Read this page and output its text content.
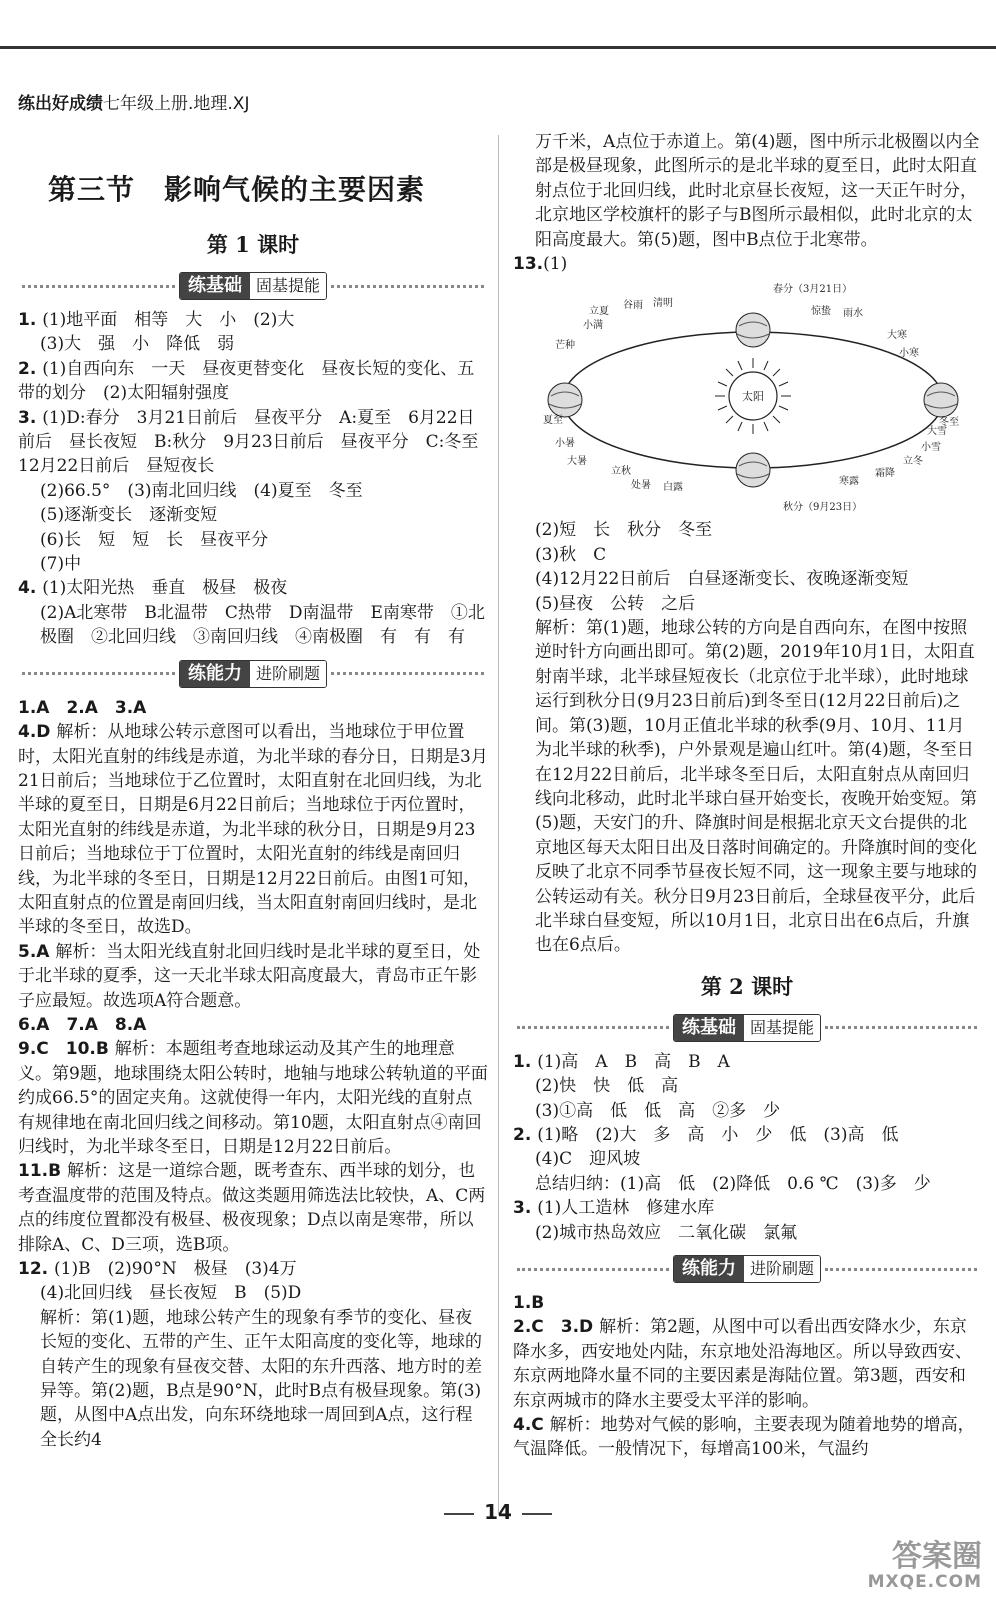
练出好成绩七年级上册.地理.XJ
第三节　影响气候的主要因素
第 1 课时
练基础 固基提能

1. (1)地平面　相等　大　小　(2)大

(3)大　强　小　降低　弱

2. (1)自西向东　一天　昼夜更替变化　昼夜长短的变化、五带的划分　(2)太阳辐射强度

3. (1)D:春分　3月21日前后　昼夜平分　A:夏至　6月22日前后　昼长夜短　B:秋分　9月23日前后　昼夜平分　C:冬至　12月22日前后　昼短夜长

(2)66.5°　(3)南北回归线　(4)夏至　冬至

(5)逐渐变长　逐渐变短

(6)长　短　短　长　昼夜平分

(7)中

4. (1)太阳光热　垂直　极昼　极夜

(2)A北寒带　B北温带　C热带　D南温带　E南寒带　①北极圈　②北回归线　③南回归线　④南极圈　有　有　有

练能力 进阶刷题

1.A　2.A　3.A

4.D 解析：从地球公转示意图可以看出，当地球位于甲位置时，太阳光直射的纬线是赤道，为北半球的春分日，日期是3月21日前后；当地球位于乙位置时，太阳直射在北回归线，为北半球的夏至日，日期是6月22日前后；当地球位于丙位置时，太阳光直射的纬线是赤道，为北半球的秋分日，日期是9月23日前后；当地球位于丁位置时，太阳光直射的纬线是南回归线，为北半球的冬至日，日期是12月22日前后。由图1可知，太阳直射点的位置是南回归线，当太阳直射南回归线时，是北半球的冬至日，故选D。

5.A 解析：当太阳光线直射北回归线时是北半球的夏至日，处于北半球的夏季，这一天北半球太阳高度最大，青岛市正午影子应最短。故选项A符合题意。

6.A　7.A　8.A

9.C　10.B 解析：本题组考查地球运动及其产生的地理意义。第9题，地球围绕太阳公转时，地轴与地球公转轨道的平面约成66.5°的固定夹角。这就使得一年内，太阳光线的直射点有规律地在南北回归线之间移动。第10题，太阳直射点④南回归线时，为北半球冬至日，日期是12月22日前后。

11.B 解析：这是一道综合题，既考查东、西半球的划分，也考查温度带的范围及特点。做这类题用筛选法比较快，A、C两点的纬度位置都没有极昼、极夜现象；D点以南是寒带，所以排除A、C、D三项，选B项。

12. (1)B　(2)90°N　极昼　(3)4万

(4)北回归线　昼长夜短　B　(5)D

解析：第(1)题，地球公转产生的现象有季节的变化、昼夜长短的变化、五带的产生、正午太阳高度的变化等，地球的自转产生的现象有昼夜交替、太阳的东升西落、地方时的差异等。第(2)题，B点是90°N，此时B点有极昼现象。第(3)题，从图中A点出发，向东环绕地球一周回到A点，这行程全长约4

万千米，A点位于赤道上。第(4)题，图中所示北极圈以内全部是极昼现象，此图所示的是北半球的夏至日，此时太阳直射点位于北回归线，此时北京昼长夜短，这一天正午时分，北京地区学校旗杆的影子与B图所示最相似，此时北京的太阳高度最大。第(5)题，图中B点位于北寒带。

13.(1)

太阳
春分（3月21日）
秋分（9月23日）
夏至	冬至
立夏
谷雨 清明
惊蛰 雨水
小满
芒种
大寒
小寒
小暑
大暑
立秋
处暑 白露
寒露
霜降
立冬
小雪
大雪

(2)短　长　秋分　冬至

(3)秋　C

(4)12月22日前后　白昼逐渐变长、夜晚逐渐变短

(5)昼夜　公转　之后

解析：第(1)题，地球公转的方向是自西向东，在图中按照逆时针方向画出即可。第(2)题，2019年10月1日，太阳直射南半球，北半球昼短夜长（北京位于北半球），此时地球运行到秋分日(9月23日前后)到冬至日(12月22日前后)之间。第(3)题，10月正值北半球的秋季(9月、10月、11月为北半球的秋季)，户外景观是遍山红叶。第(4)题，冬至日在12月22日前后，北半球冬至日后，太阳直射点从南回归线向北移动，此时北半球白昼开始变长，夜晚开始变短。第(5)题，天安门的升、降旗时间是根据北京天文台提供的北京地区每天太阳日出及日落时间确定的。升降旗时间的变化反映了北京不同季节昼夜长短不同，这一现象主要与地球的公转运动有关。秋分日9月23日前后，全球昼夜平分，此后北半球白昼变短，所以10月1日，北京日出在6点后，升旗也在6点后。

第 2 课时
练基础 固基提能

1. (1)高　A　B　高　B　A

(2)快　快　低　高

(3)①高　低　低　高　②多　少

2. (1)略　(2)大　多　高　小　少　低　(3)高　低

(4)C　迎风坡

总结归纳：(1)高　低　(2)降低　0.6 ℃　(3)多　少

3. (1)人工造林　修建水库

(2)城市热岛效应　二氧化碳　氯氟

练能力 进阶刷题

1.B

2.C　3.D 解析：第2题，从图中可以看出西安降水少，东京降水多，西安地处内陆，东京地处沿海地区。所以导致西安、东京两地降水量不同的主要因素是海陆位置。第3题，西安和东京两城市的降水主要受太平洋的影响。

4.C 解析：地势对气候的影响，主要表现为随着地势的增高，气温降低。一般情况下，每增高100米，气温约

14
答案圈
MXQE.COM
